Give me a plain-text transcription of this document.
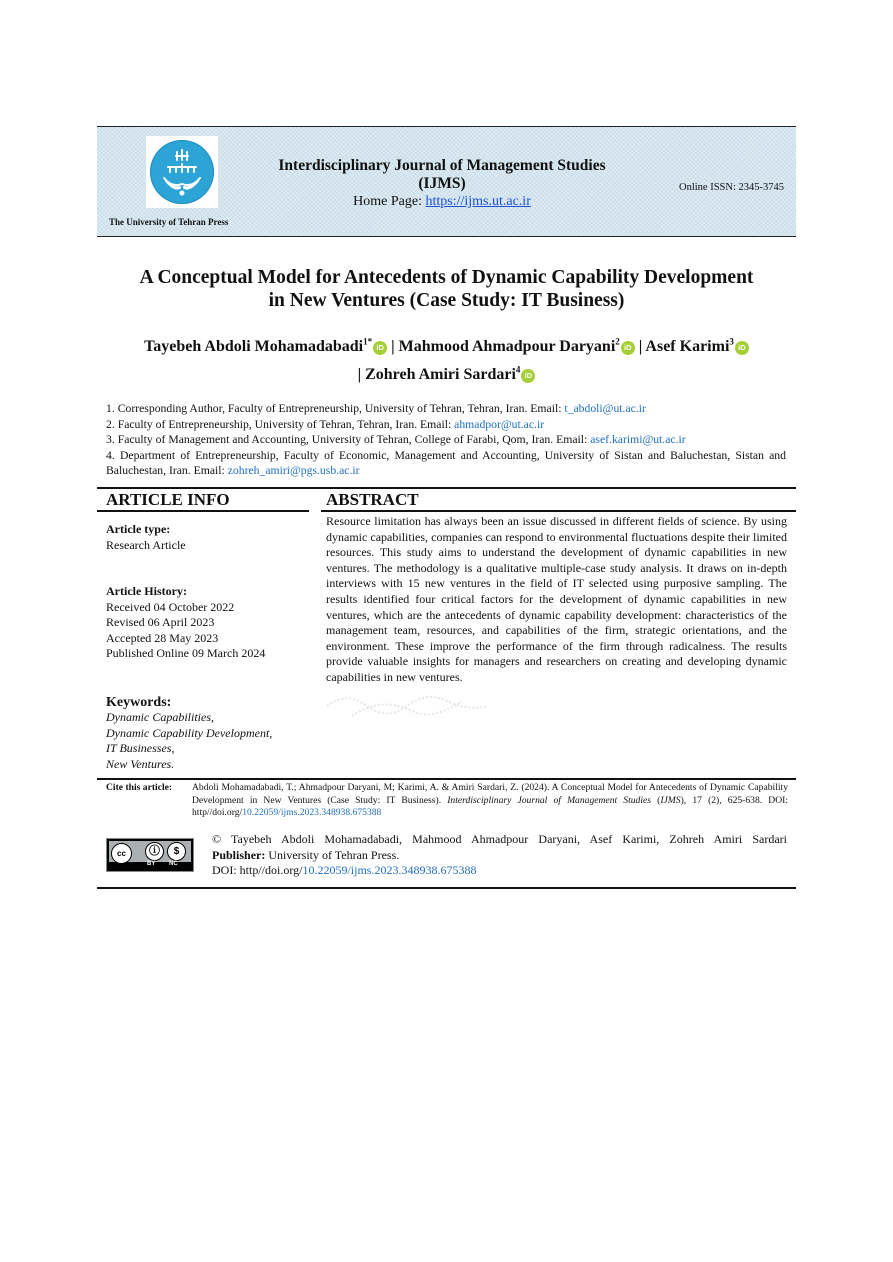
The University of Tehran Press
Interdisciplinary Journal of Management Studies
(IJMS)
Home Page: https://ijms.ut.ac.ir
Online ISSN: 2345-3745
A Conceptual Model for Antecedents of Dynamic Capability Development
in New Ventures (Case Study: IT Business)
Tayebeh Abdoli Mohamadabadi$^{1*}$iD | Mahmood Ahmadpour Daryani$^2$iD | Asef Karimi$^3$iD
| Zohreh Amiri Sardari$^4$iD

1. Corresponding Author, Faculty of Entrepreneurship, University of Tehran, Tehran, Iran. Email: t_abdoli@ut.ac.ir

2. Faculty of Entrepreneurship, University of Tehran, Tehran, Iran. Email: ahmadpor@ut.ac.ir

3. Faculty of Management and Accounting, University of Tehran, College of Farabi, Qom, Iran. Email: asef.karimi@ut.ac.ir

4. Department of Entrepreneurship, Faculty of Economic, Management and Accounting, University of Sistan and Baluchestan, Sistan and Baluchestan, Iran. Email: zohreh_amiri@pgs.usb.ac.ir

ARTICLE INFO	ABSTRACT
Article type:
Research Article
Article History:
Received 04 October 2022
Revised 06 April 2023
Accepted 28 May 2023
Published Online 09 March 2024
Keywords:
Dynamic Capabilities,
Dynamic Capability Development,
IT Businesses,
New Ventures.
Resource limitation has always been an issue discussed in different fields of science. By using dynamic capabilities, companies can respond to environmental fluctuations despite their limited resources. This study aims to understand the development of dynamic capabilities in new ventures. The methodology is a qualitative multiple-case study analysis. It draws on in-depth interviews with 15 new ventures in the field of IT selected using purposive sampling. The results identified four critical factors for the development of dynamic capabilities in new ventures, which are the antecedents of dynamic capability development: characteristics of the management team, resources, and capabilities of the firm, strategic orientations, and the environment. These improve the performance of the firm through radicalness. The results provide valuable insights for managers and researchers on creating and developing dynamic capabilities in new ventures.
Cite this article: Abdoli Mohamadabadi, T.; Ahmadpour Daryani, M; Karimi, A. & Amiri Sardari, Z. (2024). A Conceptual Model for Antecedents of Dynamic Capability Development in New Ventures (Case Study: IT Business). Interdisciplinary Journal of Management Studies (IJMS), 17 (2), 625-638. DOI: http//doi.org/10.22059/ijms.2023.348938.675388
cc	ⓘ	$
BY NC

© Tayebeh Abdoli Mohamadabadi, Mahmood Ahmadpour Daryani, Asef Karimi, Zohreh Amiri Sardari

Publisher: University of Tehran Press.

DOI: http//doi.org/10.22059/ijms.2023.348938.675388
